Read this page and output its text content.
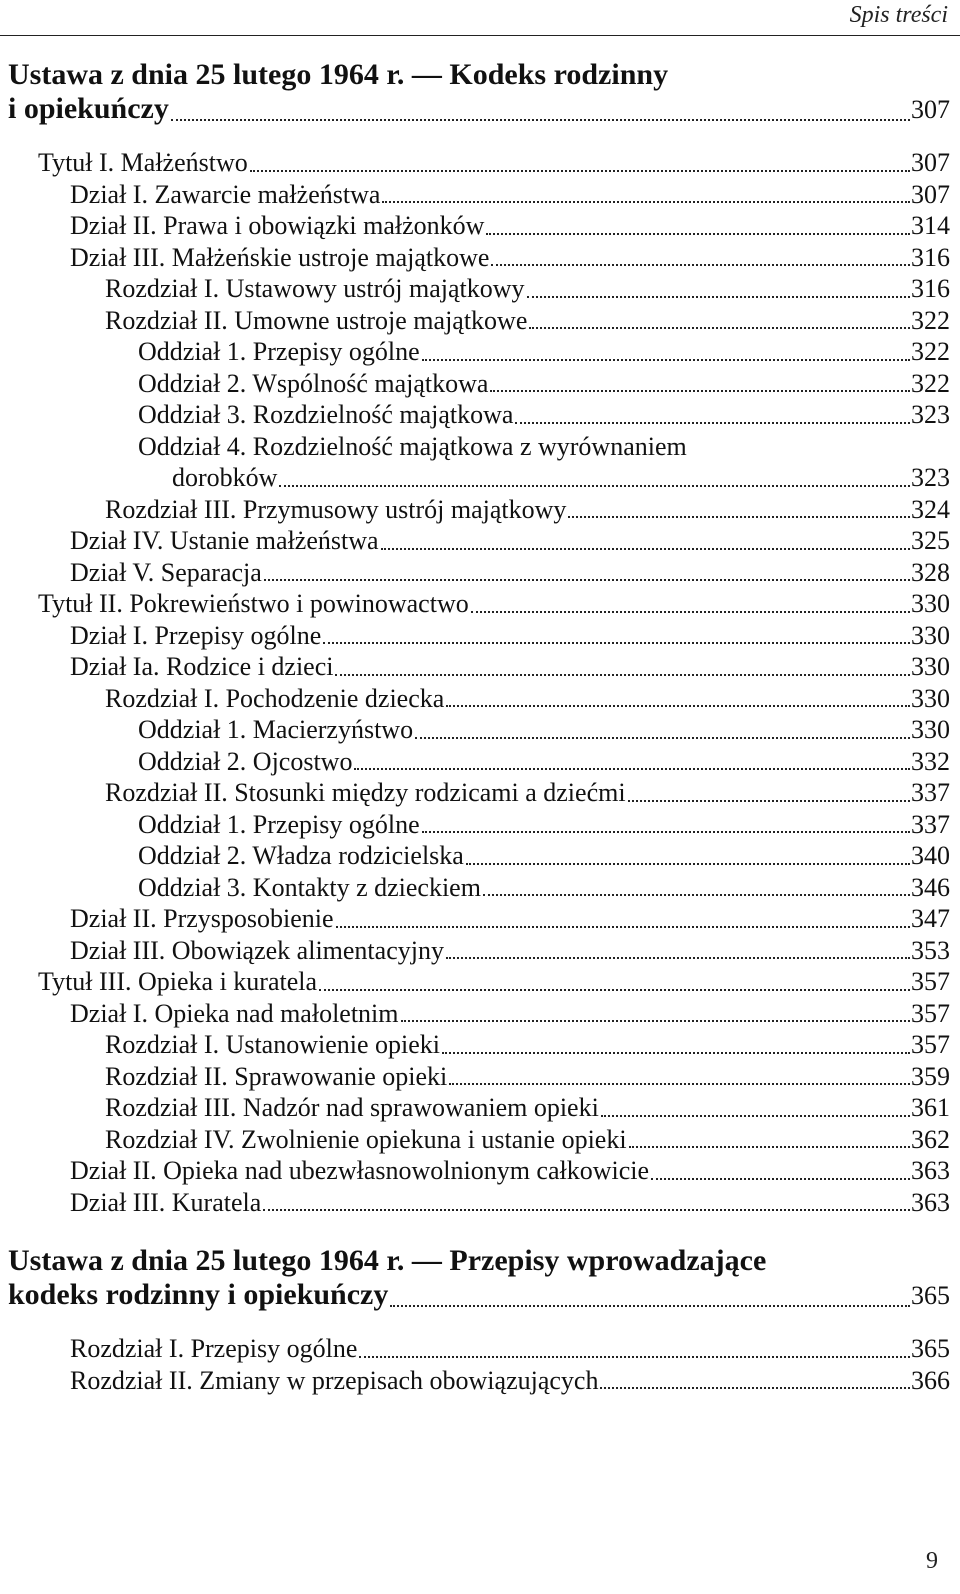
Spis treści
Ustawa z dnia 25 lutego 1964 r. — Kodeks rodzinny
i opiekuńczy	307
Tytuł I. Małżeństwo	307
Dział I. Zawarcie małżeństwa	307
Dział II. Prawa i obowiązki małżonków	314
Dział III. Małżeńskie ustroje majątkowe	316
Rozdział I. Ustawowy ustrój majątkowy	316
Rozdział II. Umowne ustroje majątkowe	322
Oddział 1. Przepisy ogólne	322
Oddział 2. Wspólność majątkowa	322
Oddział 3. Rozdzielność majątkowa	323
Oddział 4. Rozdzielność majątkowa z wyrównaniem
dorobków	323
Rozdział III. Przymusowy ustrój majątkowy	324
Dział IV. Ustanie małżeństwa	325
Dział V. Separacja	328
Tytuł II. Pokrewieństwo i powinowactwo	330
Dział I. Przepisy ogólne	330
Dział Ia. Rodzice i dzieci	330
Rozdział I. Pochodzenie dziecka	330
Oddział 1. Macierzyństwo	330
Oddział 2. Ojcostwo	332
Rozdział II. Stosunki między rodzicami a dziećmi	337
Oddział 1. Przepisy ogólne	337
Oddział 2. Władza rodzicielska	340
Oddział 3. Kontakty z dzieckiem	346
Dział II. Przysposobienie	347
Dział III. Obowiązek alimentacyjny	353
Tytuł III. Opieka i kuratela	357
Dział I. Opieka nad małoletnim	357
Rozdział I. Ustanowienie opieki	357
Rozdział II. Sprawowanie opieki	359
Rozdział III. Nadzór nad sprawowaniem opieki	361
Rozdział IV. Zwolnienie opiekuna i ustanie opieki	362
Dział II. Opieka nad ubezwłasnowolnionym całkowicie	363
Dział III. Kuratela	363
Ustawa z dnia 25 lutego 1964 r. — Przepisy wprowadzające
kodeks rodzinny i opiekuńczy	365
Rozdział I. Przepisy ogólne	365
Rozdział II. Zmiany w przepisach obowiązujących	366
9
